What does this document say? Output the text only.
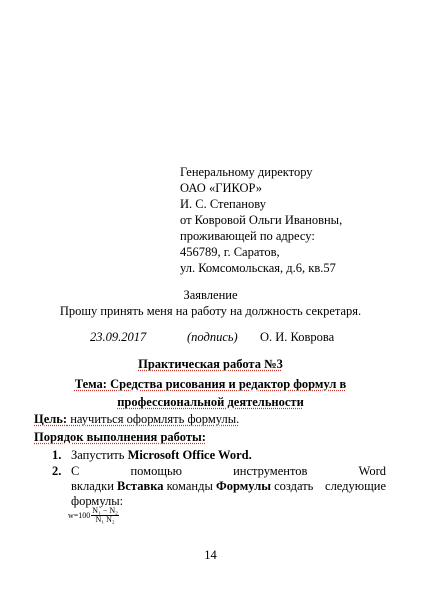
Генеральному директору
ОАО «ГИКОР»
И. С. Степанову
от Ковровой Ольги Ивановны,
проживающей по адресу:
456789, г. Саратов,
ул. Комсомольская, д.6, кв.57
Заявление
Прошу принять меня на работу на должность секретаря.
23.09.2017	(подпись) О. И. Коврова
Практическая работа №3
Тема: Средства рисования и редактор формул в
профессиональной деятельности
Цель: научиться оформлять формулы.
Порядок выполнения работы:
1. Запустить Microsoft Office Word.
2. С	помощью	инструментов	Word
вкладки Вставка команды Формулы создать следующие
формулы:
$w=100 \frac{\text{N₁ − N₂}}{\text{N₁ N₂}}$
14
